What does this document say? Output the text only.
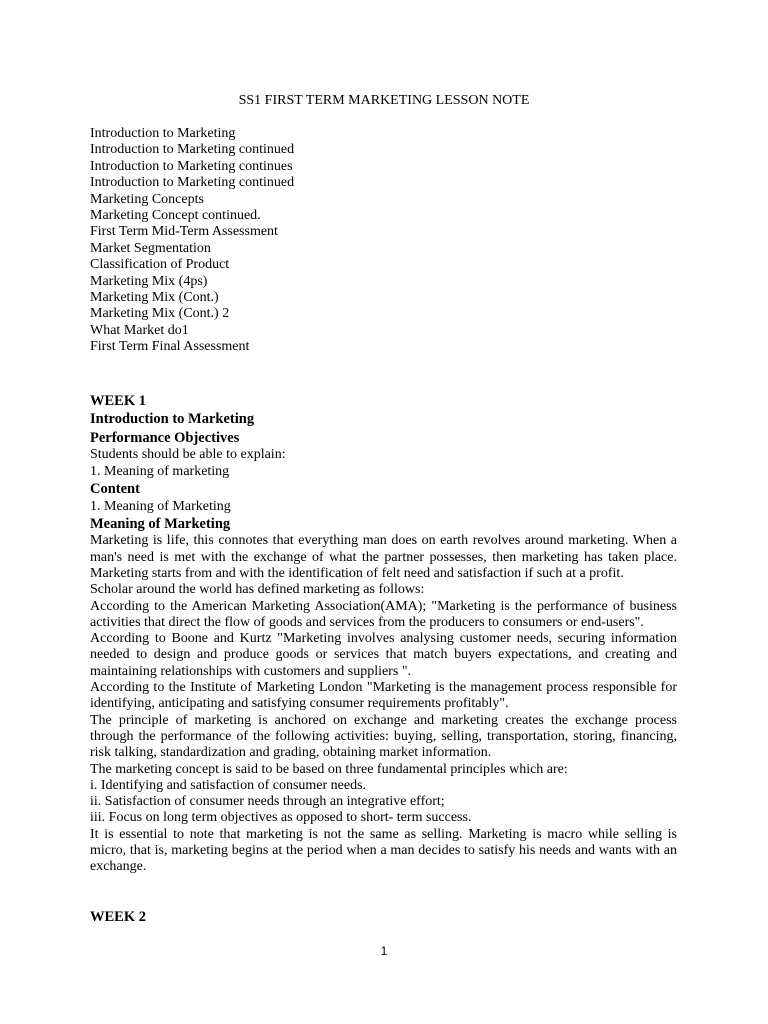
SS1 FIRST TERM MARKETING LESSON NOTE
Introduction to Marketing
Introduction to Marketing continued
Introduction to Marketing continues
Introduction to Marketing continued
Marketing Concepts
Marketing Concept continued.
First Term Mid-Term Assessment
Market Segmentation
Classification of Product
Marketing Mix (4ps)
Marketing Mix (Cont.)
Marketing Mix (Cont.) 2
What Market do1
First Term Final Assessment
WEEK 1
Introduction to Marketing
Performance Objectives
Students should be able to explain:
1. Meaning of marketing
Content
1. Meaning of Marketing
Meaning of Marketing

Marketing is life, this connotes that everything man does on earth revolves around marketing. When a man's need is met with the exchange of what the partner possesses, then marketing has taken place. Marketing starts from and with the identification of felt need and satisfaction if such at a profit.

Scholar around the world has defined marketing as follows:

According to the American Marketing Association(AMA); "Marketing is the performance of business activities that direct the flow of goods and services from the producers to consumers or end-users".

According to Boone and Kurtz "Marketing involves analysing customer needs, securing information needed to design and produce goods or services that match buyers expectations, and creating and maintaining relationships with customers and suppliers ".

According to the Institute of Marketing London "Marketing is the management process responsible for identifying, anticipating and satisfying consumer requirements profitably".

The principle of marketing is anchored on exchange and marketing creates the exchange process through the performance of the following activities: buying, selling, transportation, storing, financing, risk talking, standardization and grading, obtaining market information.

The marketing concept is said to be based on three fundamental principles which are:

i. Identifying and satisfaction of consumer needs.

ii. Satisfaction of consumer needs through an integrative effort;

iii. Focus on long term objectives as opposed to short- term success.

It is essential to note that marketing is not the same as selling. Marketing is macro while selling is micro, that is, marketing begins at the period when a man decides to satisfy his needs and wants with an exchange.

WEEK 2
1
